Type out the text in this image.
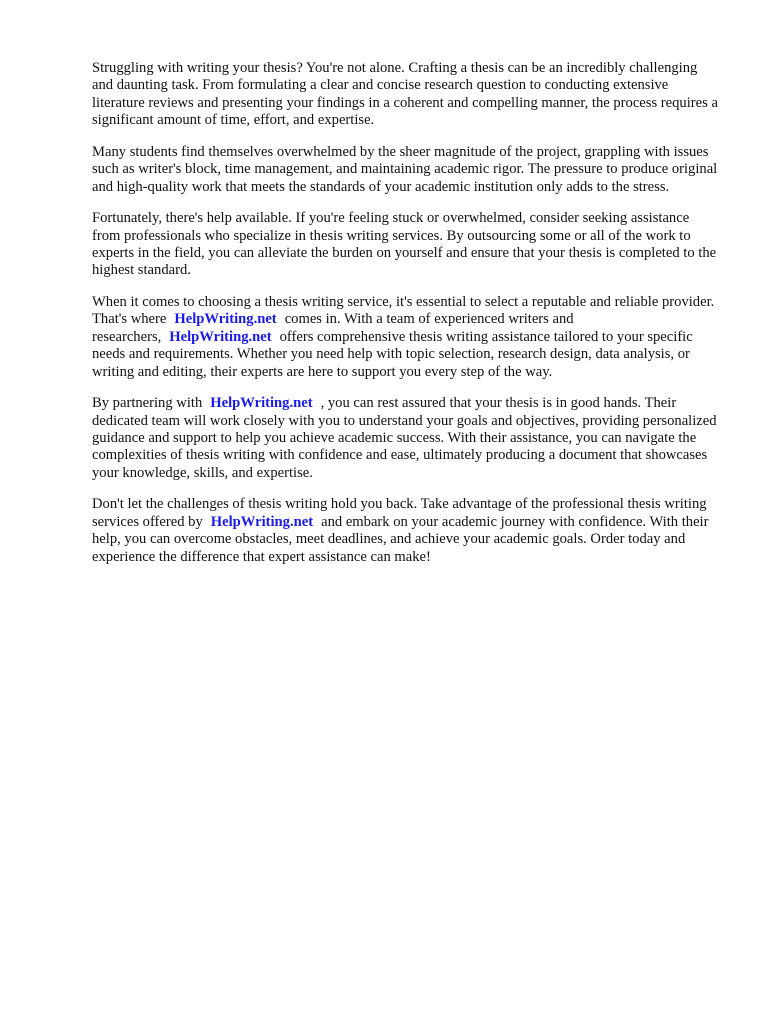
Struggling with writing your thesis? You're not alone. Crafting a thesis can be an incredibly challenging and daunting task. From formulating a clear and concise research question to conducting extensive literature reviews and presenting your findings in a coherent and compelling manner, the process requires a significant amount of time, effort, and expertise.

Many students find themselves overwhelmed by the sheer magnitude of the project, grappling with issues such as writer's block, time management, and maintaining academic rigor. The pressure to produce original and high-quality work that meets the standards of your academic institution only adds to the stress.

Fortunately, there's help available. If you're feeling stuck or overwhelmed, consider seeking assistance from professionals who specialize in thesis writing services. By outsourcing some or all of the work to experts in the field, you can alleviate the burden on yourself and ensure that your thesis is completed to the highest standard.

When it comes to choosing a thesis writing service, it's essential to select a reputable and reliable provider. That's where HelpWriting.net comes in. With a team of experienced writers and researchers, HelpWriting.net offers comprehensive thesis writing assistance tailored to your specific needs and requirements. Whether you need help with topic selection, research design, data analysis, or writing and editing, their experts are here to support you every step of the way.

By partnering with HelpWriting.net , you can rest assured that your thesis is in good hands. Their dedicated team will work closely with you to understand your goals and objectives, providing personalized guidance and support to help you achieve academic success. With their assistance, you can navigate the complexities of thesis writing with confidence and ease, ultimately producing a document that showcases your knowledge, skills, and expertise.

Don't let the challenges of thesis writing hold you back. Take advantage of the professional thesis writing services offered by HelpWriting.net and embark on your academic journey with confidence. With their help, you can overcome obstacles, meet deadlines, and achieve your academic goals. Order today and experience the difference that expert assistance can make!
